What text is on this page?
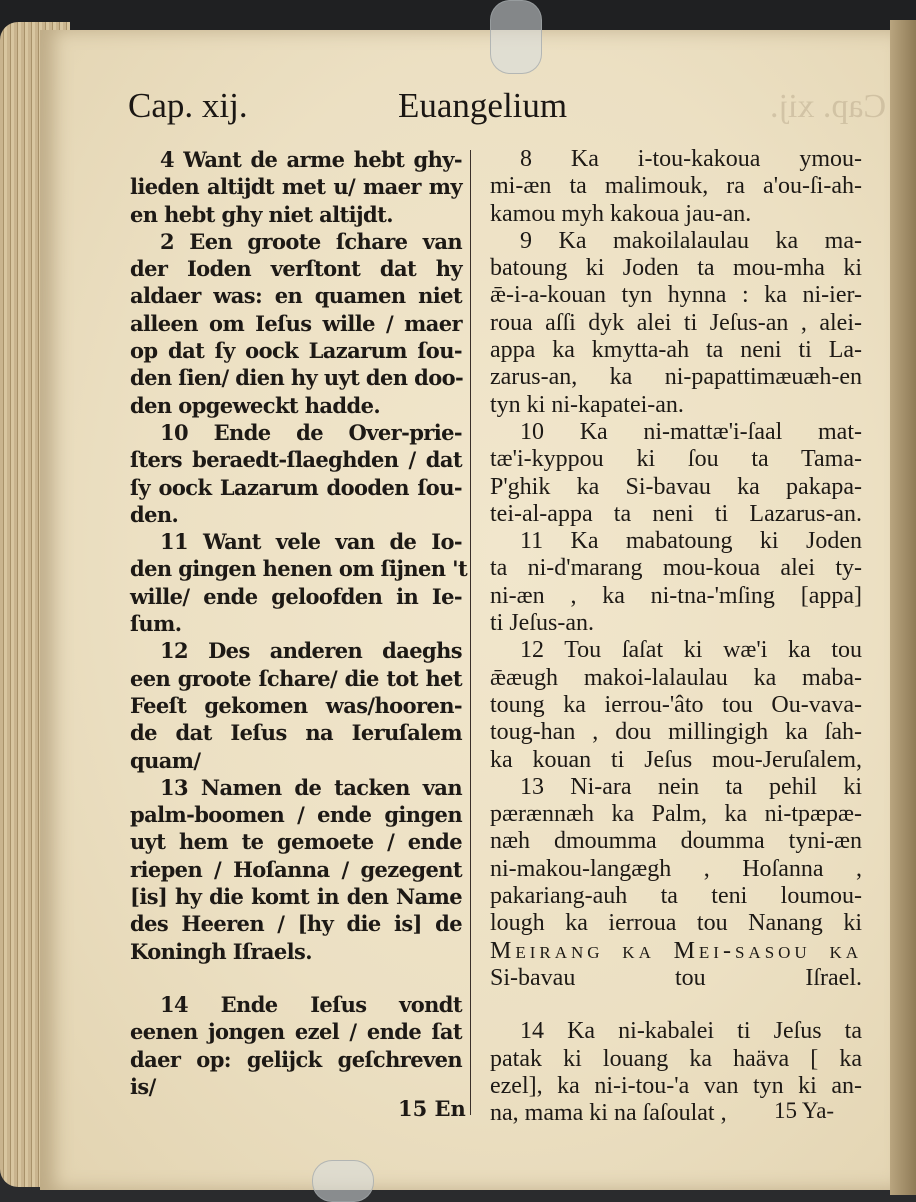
Cap. xij.
Cap. xij.	Euangelium
4 Want de arme hebt ghy-
lieden altijdt met u/ maer my
en hebt ghy niet altijdt.
2 Een groote ſchare van
der Ioden verſtont dat hy
aldaer was: en quamen niet
alleen om Ieſus wille / maer
op dat ſy oock Lazarum ſou-
den ſien/ dien hy uyt den doo-
den opgeweckt hadde.
10 Ende de Over-prie-
ſters beraedt-ſlaeghden / dat
ſy oock Lazarum dooden ſou-
den.
11 Want vele van de Io-
den gingen henen om ſijnen 't
wille/ ende geloofden in Ie-
ſum.
12 Des anderen daeghs
een groote ſchare/ die tot het
Feeſt gekomen was/hooren-
de dat Ieſus na Ieruſalem
quam/
13 Namen de tacken van
palm-boomen / ende gingen
uyt hem te gemoete / ende
riepen / Hoſanna / gezegent
[is] hy die komt in den Name
des Heeren / [hy die is] de
Koningh Iſraels.
14 Ende Ieſus vondt
eenen jongen ezel / ende ſat
daer op: gelijck geſchreven
is/
8 Ka i-tou-kakoua ymou-
mi-æn ta malimouk, ra a'ou-ſi-ah-
kamou myh kakoua jau-an.
9 Ka makoilalaulau ka ma-
batoung ki Joden ta mou-mha ki
ǣ-i-a-kouan tyn hynna : ka ni-ier-
roua aſſi dyk alei ti Jeſus-an , alei-
appa ka kmytta-ah ta neni ti La-
zarus-an, ka ni-papattimæuæh-en
tyn ki ni-kapatei-an.
10 Ka ni-mattæ'i-ſaal mat-
tæ'i-kyppou ki ſou ta Tama-
P'ghik ka Si-bavau ka pakapa-
tei-al-appa ta neni ti Lazarus-an.
11 Ka mabatoung ki Joden
ta ni-d'marang mou-koua alei ty-
ni-æn , ka ni-tna-'mſing [appa]
ti Jeſus-an.
12 Tou ſaſat ki wæ'i ka tou
ǣæugh makoi-lalaulau ka maba-
toung ka ierrou-'âto tou Ou-vava-
toug-han , dou millingigh ka ſah-
ka kouan ti Jeſus mou-Jeruſalem,
13 Ni-ara nein ta pehil ki
pærænnæh ka Palm, ka ni-tpæpæ-
næh dmoumma doumma tyni-æn
ni-makou-langægh , Hoſanna ,
pakariang-auh ta teni loumou-
lough ka ierroua tou Nanang ki
Meirang ka Mei-ſaſou ka
Si-bavau tou Iſrael.
14 Ka ni-kabalei ti Jeſus ta
patak ki louang ka haäva [ ka
ezel], ka ni-i-tou-'a van tyn ki an-
na, mama ki na ſaſoulat ,
15 En	15 Ya-
